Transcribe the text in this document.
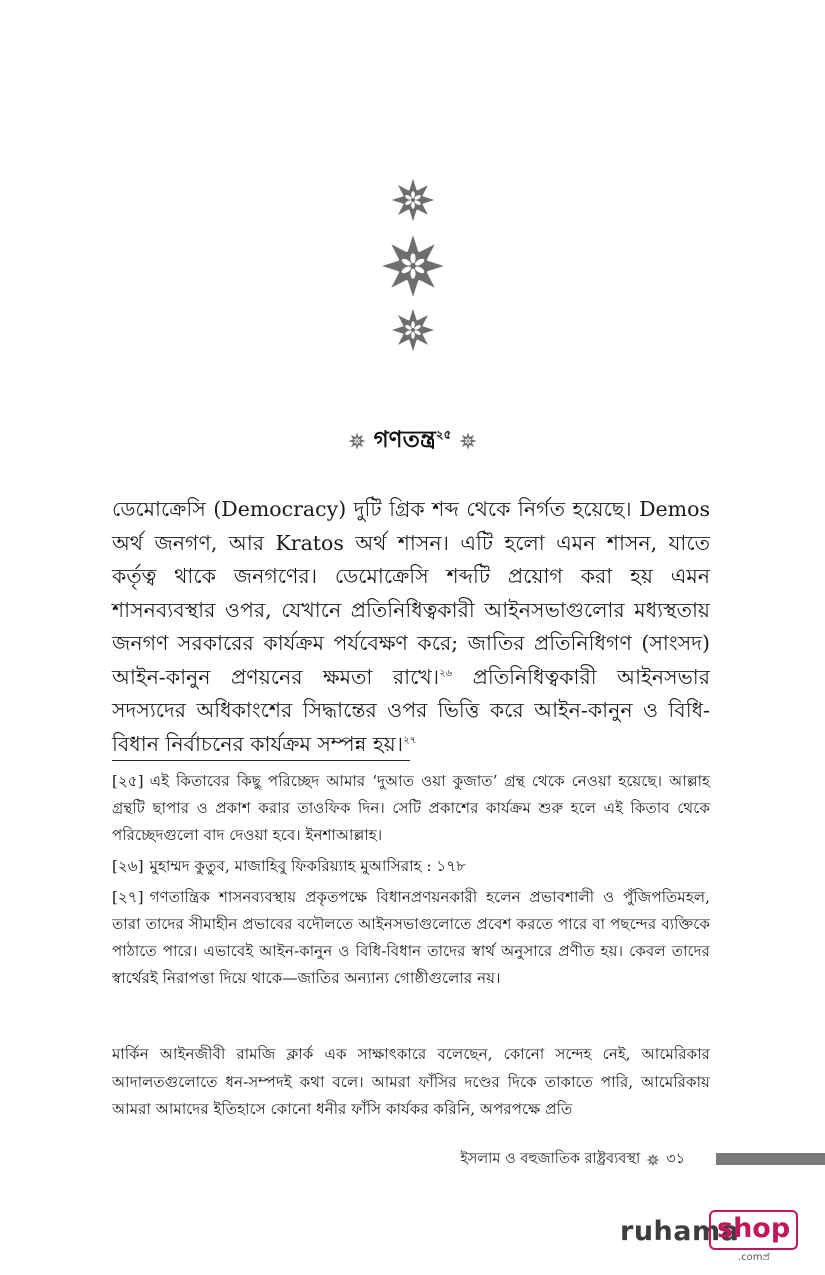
গণতন্ত্র$^{২৫}$

ডেমোক্রেসি (Democracy) দুটি গ্রিক শব্দ থেকে নির্গত হয়েছে। Demos অর্থ জনগণ, আর Kratos অর্থ শাসন। এটি হলো এমন শাসন, যাতে কর্তৃত্ব থাকে জনগণের। ডেমোক্রেসি শব্দটি প্রয়োগ করা হয় এমন শাসনব্যবস্থার ওপর, যেখানে প্রতিনিধিত্বকারী আইনসভাগুলোর মধ্যস্থতায় জনগণ সরকারের কার্যক্রম পর্যবেক্ষণ করে; জাতির প্রতিনিধিগণ (সাংসদ) আইন-কানুন প্রণয়নের ক্ষমতা রাখে।$^{২৬}$ প্রতিনিধিত্বকারী আইনসভার সদস্যদের অধিকাংশের সিদ্ধান্তের ওপর ভিত্তি করে আইন-কানুন ও বিধি-বিধান নির্বাচনের কার্যক্রম সম্পন্ন হয়।$^{২৭}$

[২৫] এই কিতাবের কিছু পরিচ্ছেদ আমার ‘দুআত ওয়া কুজাত’ গ্রন্থ থেকে নেওয়া হয়েছে। আল্লাহ গ্রন্থটি ছাপার ও প্রকাশ করার তাওফিক দিন। সেটি প্রকাশের কার্যক্রম শুরু হলে এই কিতাব থেকে পরিচ্ছেদগুলো বাদ দেওয়া হবে। ইনশাআল্লাহ।

[২৬] মুহাম্মদ কুতুব, মাজাহিবু ফিকরিয়্যাহ মুআসিরাহ : ১৭৮

[২৭] গণতান্ত্রিক শাসনব্যবস্থায় প্রকৃতপক্ষে বিধানপ্রণয়নকারী হলেন প্রভাবশালী ও পুঁজিপতিমহল, তারা তাদের সীমাহীন প্রভাবের বদৌলতে আইনসভাগুলোতে প্রবেশ করতে পারে বা পছন্দের ব্যক্তিকে পাঠাতে পারে। এভাবেই আইন-কানুন ও বিধি-বিধান তাদের স্বার্থ অনুসারে প্রণীত হয়। কেবল তাদের স্বার্থেরই নিরাপত্তা দিয়ে থাকে—জাতির অন্যান্য গোষ্ঠীগুলোর নয়।

মার্কিন আইনজীবী রামজি ক্লার্ক এক সাক্ষাৎকারে বলেছেন, কোনো সন্দেহ নেই, আমেরিকার আদালতগুলোতে ধন-সম্পদই কথা বলে। আমরা ফাঁসির দণ্ডের দিকে তাকাতে পারি, আমেরিকায় আমরা আমাদের ইতিহাসে কোনো ধনীর ফাঁসি কার্যকর করিনি, অপরপক্ষে প্রতি

ইসলাম ও বহুজাতিক রাষ্ট্রব্যবস্থা ৩১
ruhama
shop
.comপ্র
